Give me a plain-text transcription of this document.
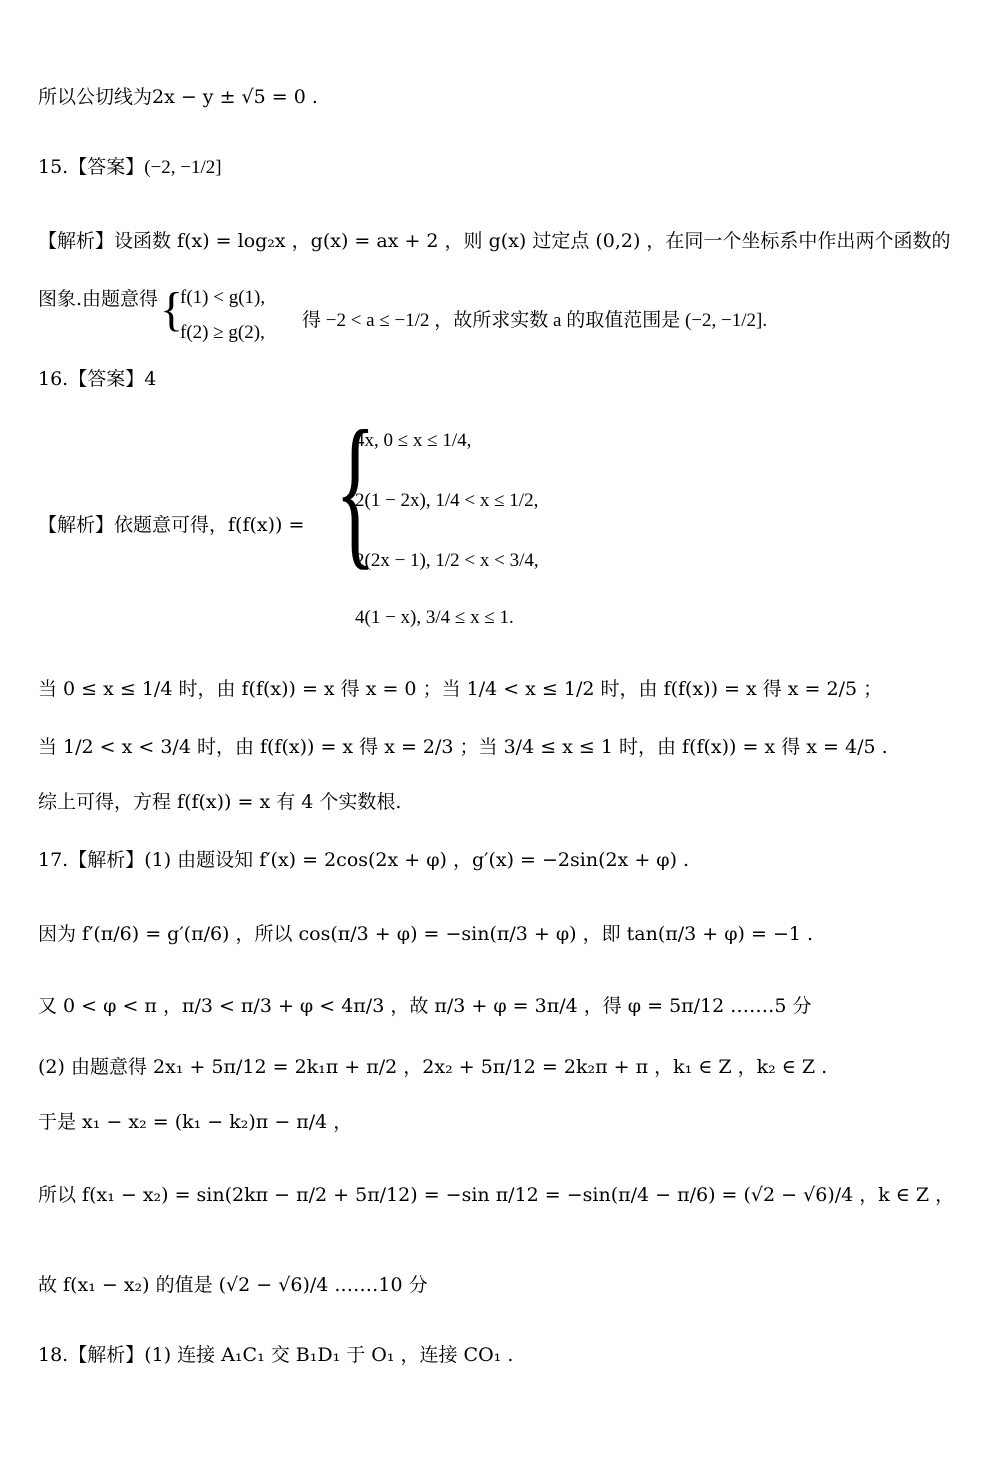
所以公切线为2x − y ± √5 = 0 .
15.【答案】(−2, −1/2]
【解析】设函数 f(x) = log₂x ，g(x) = ax + 2 ，则 g(x) 过定点 (0,2) ，在同一个坐标系中作出两个函数的
图象.由题意得 {
f(1) < g(1),
f(2) ≥ g(2),
得 −2 < a ≤ −1/2 ，故所求实数 a 的取值范围是 (−2, −1/2].
16.【答案】4
【解析】依题意可得，f(f(x)) = {
4x, 0 ≤ x ≤ 1/4,
2(1 − 2x), 1/4 < x ≤ 1/2,
2(2x − 1), 1/2 < x < 3/4,
4(1 − x), 3/4 ≤ x ≤ 1.
当 0 ≤ x ≤ 1/4 时，由 f(f(x)) = x 得 x = 0 ；当 1/4 < x ≤ 1/2 时，由 f(f(x)) = x 得 x = 2/5 ；
当 1/2 < x < 3/4 时，由 f(f(x)) = x 得 x = 2/3 ；当 3/4 ≤ x ≤ 1 时，由 f(f(x)) = x 得 x = 4/5 .
综上可得，方程 f(f(x)) = x 有 4 个实数根.
17.【解析】(1) 由题设知 f′(x) = 2cos(2x + φ) ，g′(x) = −2sin(2x + φ) .
因为 f′(π/6) = g′(π/6) ，所以 cos(π/3 + φ) = −sin(π/3 + φ) ，即 tan(π/3 + φ) = −1 .
又 0 < φ < π ，π/3 < π/3 + φ < 4π/3 ，故 π/3 + φ = 3π/4 ，得 φ = 5π/12 .……5 分
(2) 由题意得 2x₁ + 5π/12 = 2k₁π + π/2 ，2x₂ + 5π/12 = 2k₂π + π ，k₁ ∈ Z ，k₂ ∈ Z .
于是 x₁ − x₂ = (k₁ − k₂)π − π/4 ，
所以 f(x₁ − x₂) = sin(2kπ − π/2 + 5π/12) = −sin π/12 = −sin(π/4 − π/6) = (√2 − √6)/4 ，k ∈ Z ，
故 f(x₁ − x₂) 的值是 (√2 − √6)/4 .……10 分
18.【解析】(1) 连接 A₁C₁ 交 B₁D₁ 于 O₁ ，连接 CO₁ .
